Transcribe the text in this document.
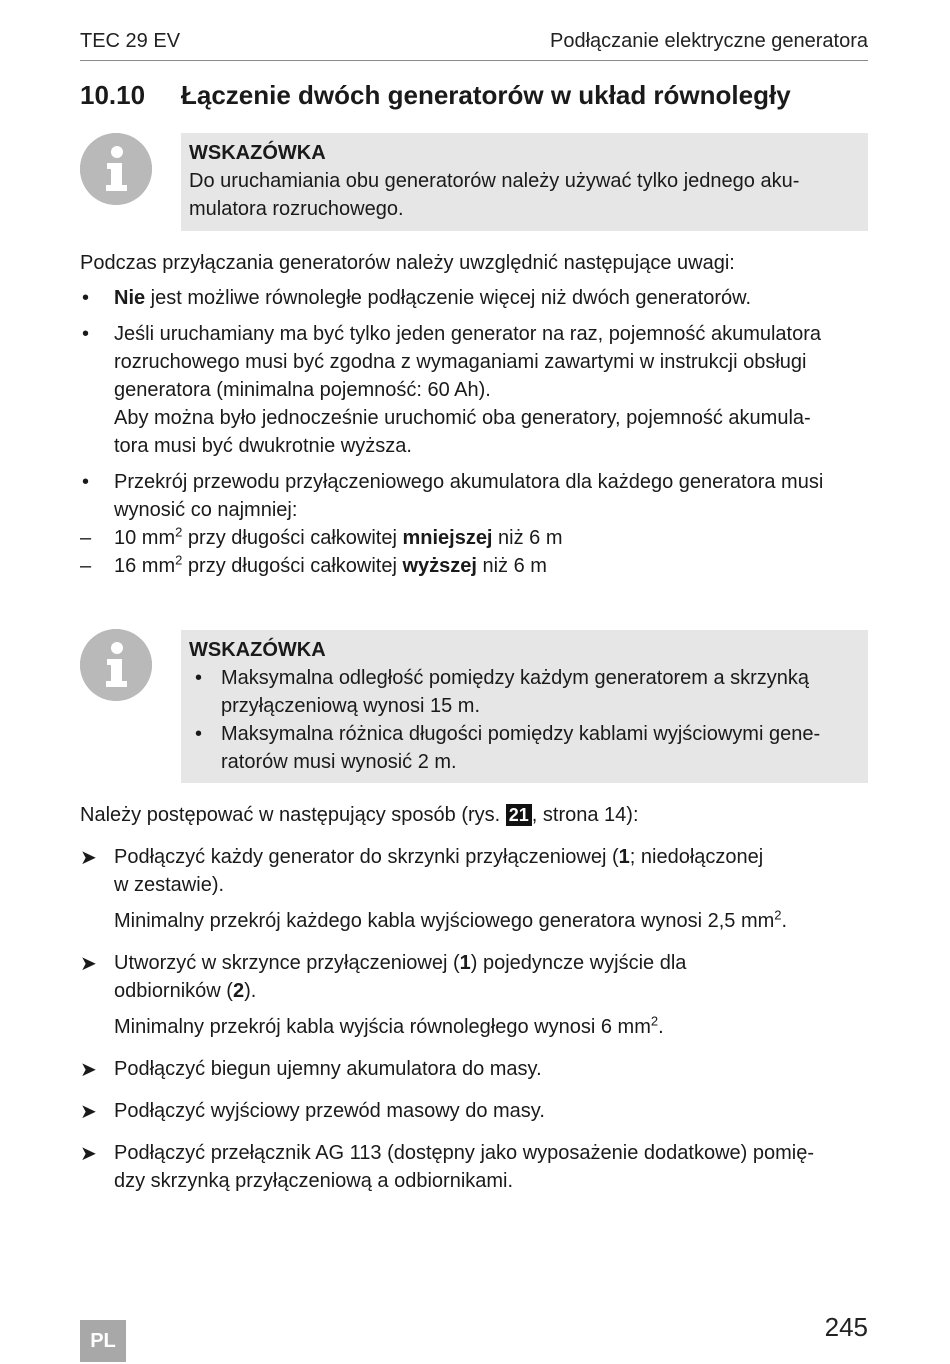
TEC 29 EV	Podłączanie elektryczne generatora
10.10 Łączenie dwóch generatorów w układ równoległy
WSKAZÓWKA
Do uruchamiania obu generatorów należy używać tylko jednego aku-
mulatora rozruchowego.
Podczas przyłączania generatorów należy uwzględnić następujące uwagi:
• Nie jest możliwe równoległe podłączenie więcej niż dwóch generatorów.
• Jeśli uruchamiany ma być tylko jeden generator na raz, pojemność akumulatora
rozruchowego musi być zgodna z wymaganiami zawartymi w instrukcji obsługi
generatora (minimalna pojemność: 60 Ah).
Aby można było jednocześnie uruchomić oba generatory, pojemność akumula-
tora musi być dwukrotnie wyższa.
• Przekrój przewodu przyłączeniowego akumulatora dla każdego generatora musi
wynosić co najmniej:
– 10 $mm^2$ przy długości całkowitej mniejszej niż 6 m
– 16 $mm^2$ przy długości całkowitej wyższej niż 6 m
WSKAZÓWKA
• Maksymalna odległość pomiędzy każdym generatorem a skrzynką
przyłączeniową wynosi 15 m.
• Maksymalna różnica długości pomiędzy kablami wyjściowymi gene-
ratorów musi wynosić 2 m.
Należy postępować w następujący sposób (rys. 21 , strona 14):
➤ Podłączyć każdy generator do skrzynki przyłączeniowej (1; niedołączonej
w zestawie).
Minimalny przekrój każdego kabla wyjściowego generatora wynosi 2,5 $mm^2$.
➤ Utworzyć w skrzynce przyłączeniowej (1) pojedyncze wyjście dla
odbiorników (2).
Minimalny przekrój kabla wyjścia równoległego wynosi 6 $mm^2$.
➤ Podłączyć biegun ujemny akumulatora do masy.
➤ Podłączyć wyjściowy przewód masowy do masy.
➤ Podłączyć przełącznik AG 113 (dostępny jako wyposażenie dodatkowe) pomię-
dzy skrzynką przyłączeniową a odbiornikami.
PL	245
